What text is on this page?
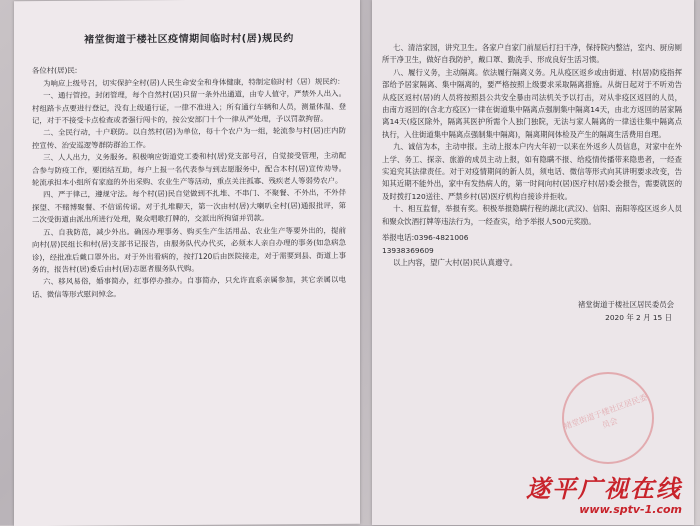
褚堂街道于楼社区疫情期间临时村(居)规民约

各位村(居)民:

为响应上级号召，切实保护全村(居)人民生命安全和身体健康，特制定临时村（居）规民约：

一、通行管控。封闭管理，每个自然村(居)只留一条外出通道，由专人值守，严禁外人出入。村组路卡点要进行登记，没有上级通行证，一律不准进入；所有通行车辆和人员，测量体温、登记，对于不接受卡点检查或者强行闯卡的，按公安部门十个一律从严处理，予以罚款拘留。

二、全民行动，十户联防。以自然村(居)为单位，每十个农户为一组，轮流参与村(居)庄内防控宣传、治安巡逻等群防群治工作。

三、人人出力，义务服务。积极响应街道党工委和村(居)党支部号召，自觉接受管理，主动配合参与防疫工作，要团结互助，每户上报一名代表参与到志愿服务中，配合本村(居)宣传劝导。轮流承担本小组所有家庭的外出采购、农业生产等活动，重点关注孤寡、残疾老人等弱势农户。

四、严于律己，遵规守法。每个村(居)民自觉做到不扎堆、不串门、不聚餐、不外出，不外伴探望、不赌博聚餐、不信谣传谣。对于扎堆聊天，第一次由村(居)大喇叭全村(居)通报批评，第二次受街道由派出所进行处理，聚众唱歌打牌的，交派出所拘留并罚款。

五、自我防范，减少外出。确因办理事务、购买生产生活用品、农业生产等要外出的，提前向村(居)民组长和村(居)支部书记报告，由服务队代办代买，必须本人亲自办理的事务(如急病急诊)，经批准后戴口罩外出。对于外出看病的，按打120后由医院接走，对于需要到县、街道上事务的，报告村(居)委后由村(居)志愿者服务队代购。

六、移风易俗，婚事简办，红事停办推办。自事简办，只允许直系亲属参加，其它亲属以电话、微信等形式慰问悼念。

七、清洁家园，讲究卫生。各家户自家门前屋后打扫干净，保持院内整洁，室内、厨房厕所干净卫生，做好自我防护，戴口罩、勤洗手、形成良好生活习惯。

八、履行义务，主动隔离。依法履行隔离义务。凡从疫区返乡或由街道、村(居)防疫指挥部给予居家隔离、集中隔离的，要严格按照上级要求采取隔离措施。从街日起对于不听劝告从疫区返村(居)的人员将按照县公共安全暴由司法机关予以打击，对从非疫区返回的人员，由南方返回的(含北方疫区)一律在街道集中隔离点强制集中隔离14天，由北方返回的居家隔离14天(疫区除外，隔离其医护所需个人独门独院，无法与家人隔离的一律送往集中隔离点执行，入住街道集中隔离点强制集中隔离)，隔离期间体检及产生的隔离生活费用自理。

九、诚信为本，主动申报。主动上报本户内大年初一以来在外返乡人员信息，对家中在外上学、务工、探亲、旅游的成员主动上报，如有隐瞒不报、给疫情传播带来隐患者，一经查实追究其法律责任。对于对疫情期间的新人员，须电话、微信等形式向其讲明要求改变，告知其近期不能外出，家中有发热病人的，第一时间向村(居)医疗村(居)委会报告，需要就医的及时拨打120送往、严禁乡村(居)医疗机构自接诊并拒收。

十、相互监督，举报有奖。积极举报隐瞒行程的湖北(武汉)、信阳、南阳等疫区返乡人员和聚众饮酒打牌等违法行为，一经查实，给予举报人500元奖励。

举报电话:0396-4821006

13938369609

以上内容，望广大村(居)民认真遵守。

褚堂街道于楼社区居民委员会
2020 年 2 月 15 日
褚堂街道于楼社区居民委员会
遂平广视在线
www.sptv-1.com
